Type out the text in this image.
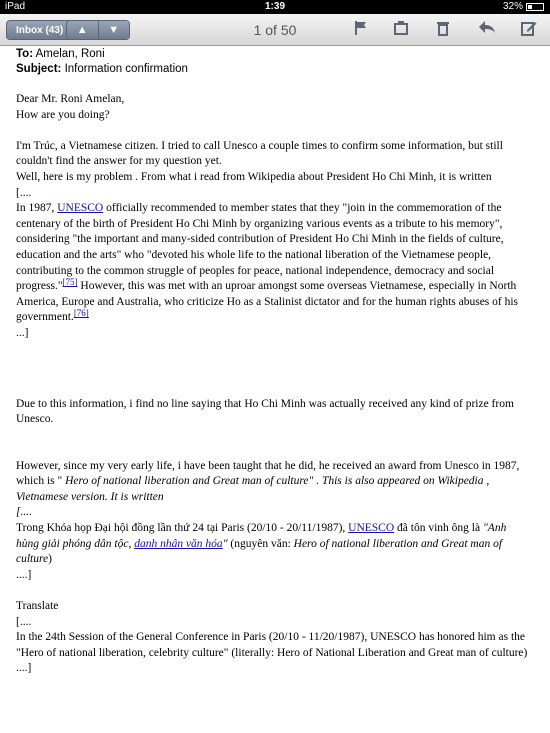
iPad	1:39	32%
Inbox (43)	▲	▼	1 of 50
To: Amelan, Roni
Subject: Information confirmation

Dear Mr. Roni Amelan,

How are you doing?

I'm Trúc, a Vietnamese citizen. I tried to call Unesco a couple times to confirm some information, but still couldn't find the answer for my question yet.

Well, here is my problem . From what i read from Wikipedia about President Ho Chi Minh, it is written

[....

In 1987, UNESCO officially recommended to member states that they "join in the commemoration of the centenary of the birth of President Ho Chi Minh by organizing various events as a tribute to his memory", considering "the important and many-sided contribution of President Ho Chi Minh in the fields of culture, education and the arts" who "devoted his whole life to the national liberation of the Vietnamese people, contributing to the common struggle of peoples for peace, national independence, democracy and social progress."[75] However, this was met with an uproar amongst some overseas Vietnamese, especially in North America, Europe and Australia, who criticize Ho as a Stalinist dictator and for the human rights abuses of his government.[76]

...]

Due to this information, i find no line saying that Ho Chi Minh was actually received any kind of prize from Unesco.

However, since my very early life, i have been taught that he did, he received an award from Unesco in 1987, which is " Hero of national liberation and Great man of culture" . This is also appeared on Wikipedia , Vietnamese version. It is written

[....

Trong Khóa họp Đại hội đồng lần thứ 24 tại Paris (20/10 - 20/11/1987), UNESCO đã tôn vinh ông là "Anh hùng giải phóng dân tộc, danh nhân văn hóa" (nguyên văn: Hero of national liberation and Great man of culture)

....]

Translate

[....

In the 24th Session of the General Conference in Paris (20/10 - 11/20/1987), UNESCO has honored him as the "Hero of national liberation, celebrity culture" (literally: Hero of National Liberation and Great man of culture)

....]
